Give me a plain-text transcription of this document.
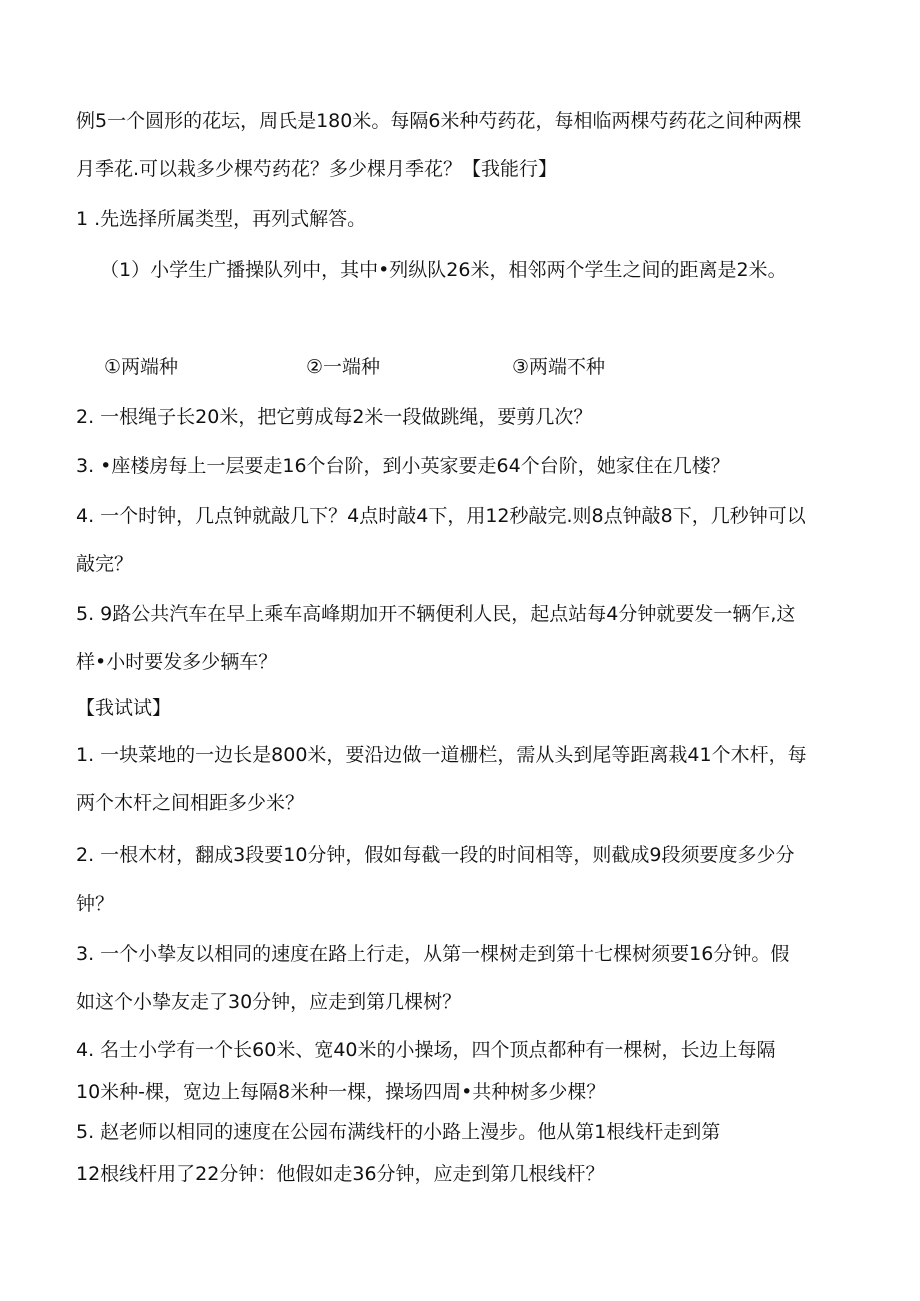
例5一个圆形的花坛，周氏是180米。每隔6米种芍药花，每相临两棵芍药花之间种两棵

月季花.可以栽多少棵芍药花？多少棵月季花？【我能行】

1 .先选择所属类型，再列式解答。

（1）小学生广播操队列中，其中•列纵队26米，相邻两个学生之间的距离是2米。

①两端种	②一端种	③两端不种

2. 一根绳子长20米，把它剪成每2米一段做跳绳，要剪几次？

3. •座楼房每上一层要走16个台阶，到小英家要走64个台阶，她家住在几楼？

4. 一个时钟，几点钟就敲几下？4点时敲4下，用12秒敲完.则8点钟敲8下，几秒钟可以

敲完？

5. 9路公共汽车在早上乘车高峰期加开不辆便利人民，起点站每4分钟就要发一辆乍,这

样•小时要发多少辆车？

【我试试】

1. 一块菜地的一边长是800米，要沿边做一道栅栏，需从头到尾等距离栽41个木杆，每

两个木杆之间相距多少米？

2. 一根木材，翻成3段要10分钟，假如每截一段的时间相等，则截成9段须要度多少分

钟？

3. 一个小挚友以相同的速度在路上行走，从第一棵树走到第十七棵树须要16分钟。假

如这个小挚友走了30分钟，应走到第几棵树？

4. 名士小学有一个长60米、宽40米的小操场，四个顶点都种有一棵树，长边上每隔

10米种-棵，宽边上每隔8米种一棵，操场四周•共种树多少棵？

5. 赵老师以相同的速度在公园布满线杆的小路上漫步。他从第1根线杆走到第

12根线杆用了22分钟：他假如走36分钟，应走到第几根线杆？
